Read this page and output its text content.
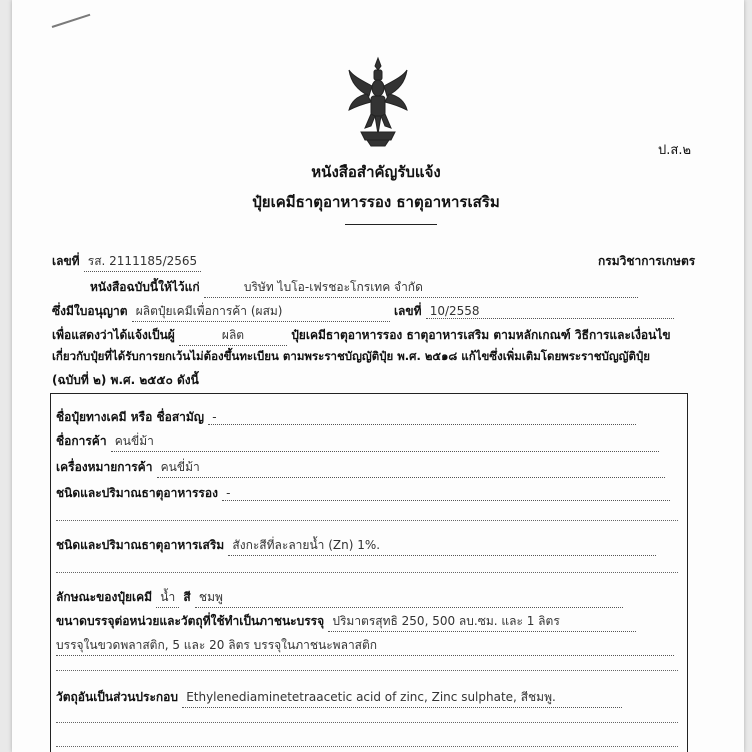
ป.ส.๒
หนังสือสำคัญรับแจ้ง
ปุ๋ยเคมีธาตุอาหารรอง ธาตุอาหารเสริม
เลขที่ รส. 2111185/2565	กรมวิชาการเกษตร
หนังสือฉบับนี้ให้ไว้แก่	บริษัท ไบโอ-เฟรชอะโกรเทค จำกัด
ซึ่งมีใบอนุญาต ผลิตปุ๋ยเคมีเพื่อการค้า (ผสม)	เลขที่ 10/2558
เพื่อแสดงว่าได้แจ้งเป็นผู้	ผลิต	ปุ๋ยเคมีธาตุอาหารรอง ธาตุอาหารเสริม ตามหลักเกณฑ์ วิธีการและเงื่อนไข
เกี่ยวกับปุ๋ยที่ได้รับการยกเว้นไม่ต้องขึ้นทะเบียน ตามพระราชบัญญัติปุ๋ย พ.ศ. ๒๕๑๘ แก้ไขซึ่งเพิ่มเติมโดยพระราชบัญญัติปุ๋ย
(ฉบับที่ ๒) พ.ศ. ๒๕๕๐ ดังนี้
ชื่อปุ๋ยทางเคมี หรือ ชื่อสามัญ -
ชื่อการค้า คนขี่ม้า
เครื่องหมายการค้า คนขี่ม้า
ชนิดและปริมาณธาตุอาหารรอง -
ชนิดและปริมาณธาตุอาหารเสริม สังกะสีที่ละลายน้ำ (Zn) 1%.
ลักษณะของปุ๋ยเคมี น้ำ สี ชมพู
ขนาดบรรจุต่อหน่วยและวัตถุที่ใช้ทำเป็นภาชนะบรรจุ ปริมาตรสุทธิ 250, 500 ลบ.ซม. และ 1 ลิตร
บรรจุในขวดพลาสติก, 5 และ 20 ลิตร บรรจุในภาชนะพลาสติก
วัตถุอันเป็นส่วนประกอบ Ethylenediaminetetraacetic acid of zinc, Zinc sulphate, สีชมพู.
